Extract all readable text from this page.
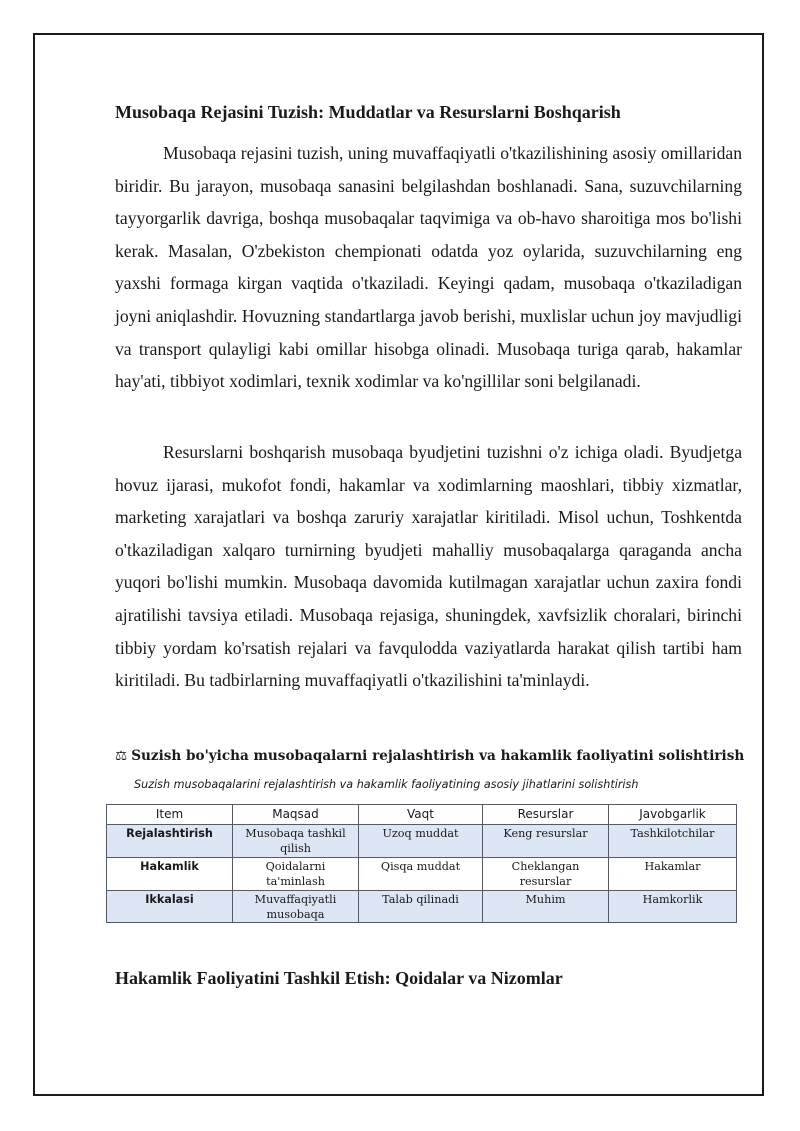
Musobaqa Rejasini Tuzish: Muddatlar va Resurslarni Boshqarish

Musobaqa rejasini tuzish, uning muvaffaqiyatli o'tkazilishining asosiy omillaridan biridir. Bu jarayon, musobaqa sanasini belgilashdan boshlanadi. Sana, suzuvchilarning tayyorgarlik davriga, boshqa musobaqalar taqvimiga va ob-havo sharoitiga mos bo'lishi kerak. Masalan, O'zbekiston chempionati odatda yoz oylarida, suzuvchilarning eng yaxshi formaga kirgan vaqtida o'tkaziladi. Keyingi qadam, musobaqa o'tkaziladigan joyni aniqlashdir. Hovuzning standartlarga javob berishi, muxlislar uchun joy mavjudligi va transport qulayligi kabi omillar hisobga olinadi. Musobaqa turiga qarab, hakamlar hay'ati, tibbiyot xodimlari, texnik xodimlar va ko'ngillilar soni belgilanadi.

Resurslarni boshqarish musobaqa byudjetini tuzishni o'z ichiga oladi. Byudjetga hovuz ijarasi, mukofot fondi, hakamlar va xodimlarning maoshlari, tibbiy xizmatlar, marketing xarajatlari va boshqa zaruriy xarajatlar kiritiladi. Misol uchun, Toshkentda o'tkaziladigan xalqaro turnirning byudjeti mahalliy musobaqalarga qaraganda ancha yuqori bo'lishi mumkin. Musobaqa davomida kutilmagan xarajatlar uchun zaxira fondi ajratilishi tavsiya etiladi. Musobaqa rejasiga, shuningdek, xavfsizlik choralari, birinchi tibbiy yordam ko'rsatish rejalari va favqulodda vaziyatlarda harakat qilish tartibi ham kiritiladi. Bu tadbirlarning muvaffaqiyatli o'tkazilishini ta'minlaydi.

⚖ Suzish bo'yicha musobaqalarni rejalashtirish va hakamlik faoliyatini solishtirish

Suzish musobaqalarini rejalashtirish va hakamlik faoliyatining asosiy jihatlarini solishtirish

Item	Maqsad	Vaqt	Resurslar	Javobgarlik
Rejalashtirish	Musobaqa tashkil qilish	Uzoq muddat	Keng resurslar	Tashkilotchilar
Hakamlik	Qoidalarni ta'minlash	Qisqa muddat	Cheklangan resurslar	Hakamlar
Ikkalasi	Muvaffaqiyatli musobaqa	Talab qilinadi	Muhim	Hamkorlik
Hakamlik Faoliyatini Tashkil Etish: Qoidalar va Nizomlar
